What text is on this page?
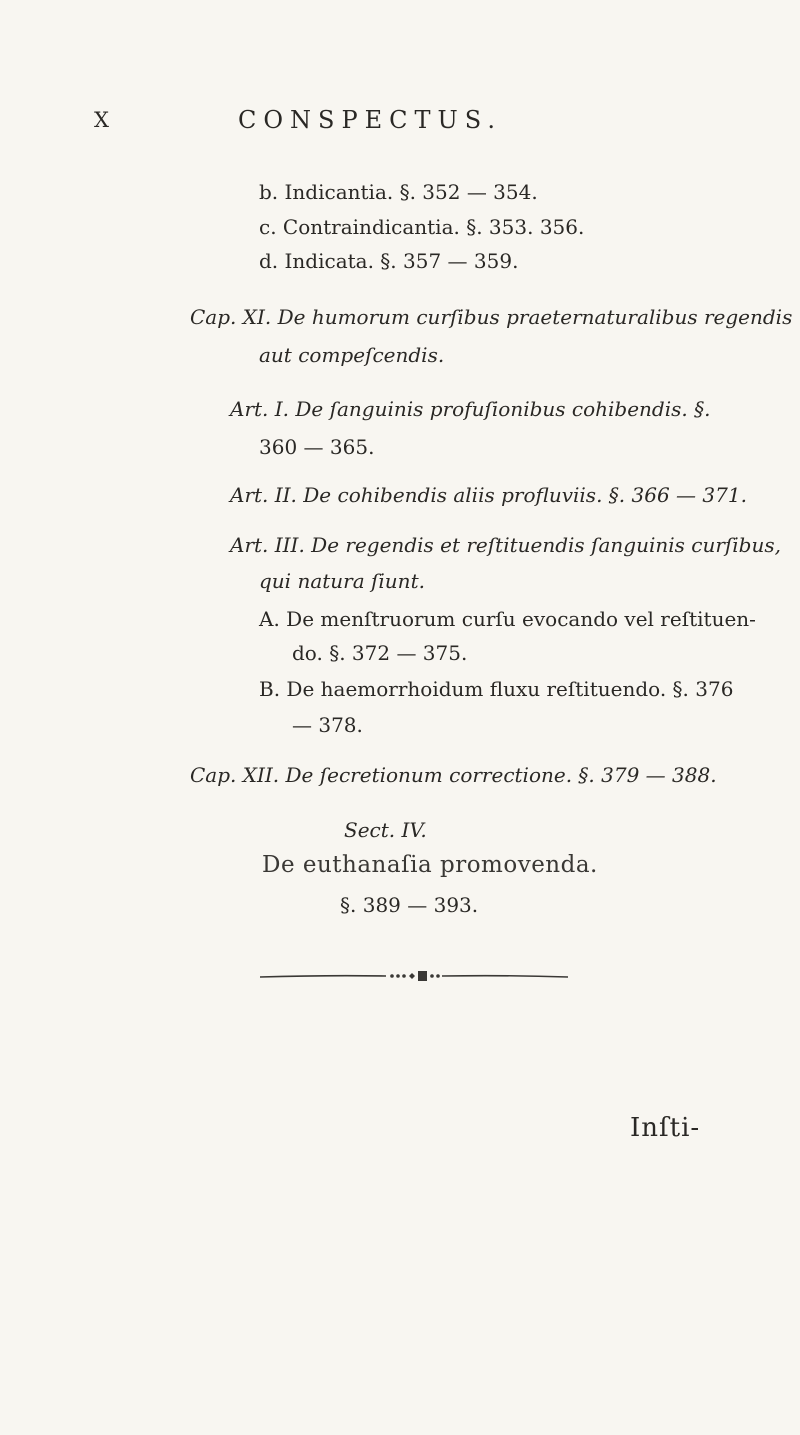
X	CONSPECTUS.
b. Indicantia. §. 352 — 354.
c. Contraindicantia. §. 353. 356.
d. Indicata. §. 357 — 359.
Cap. XI. De humorum curſibus praeternaturalibus regendis
aut compeſcendis.
Art. I. De ſanguinis profuſionibus cohibendis. §.
360 — 365.
Art. II. De cohibendis aliis profluviis. §. 366 — 371.
Art. III. De regendis et reſtituendis ſanguinis curſibus,
qui natura ſiunt.
A. De menſtruorum curſu evocando vel reſtituen-
do. §. 372 — 375.
B. De haemorrhoidum fluxu reſtituendo. §. 376
— 378.
Cap. XII. De ſecretionum correctione. §. 379 — 388.
Sect. IV.
De euthanaſia promovenda.
§. 389 — 393.
Inſti-
